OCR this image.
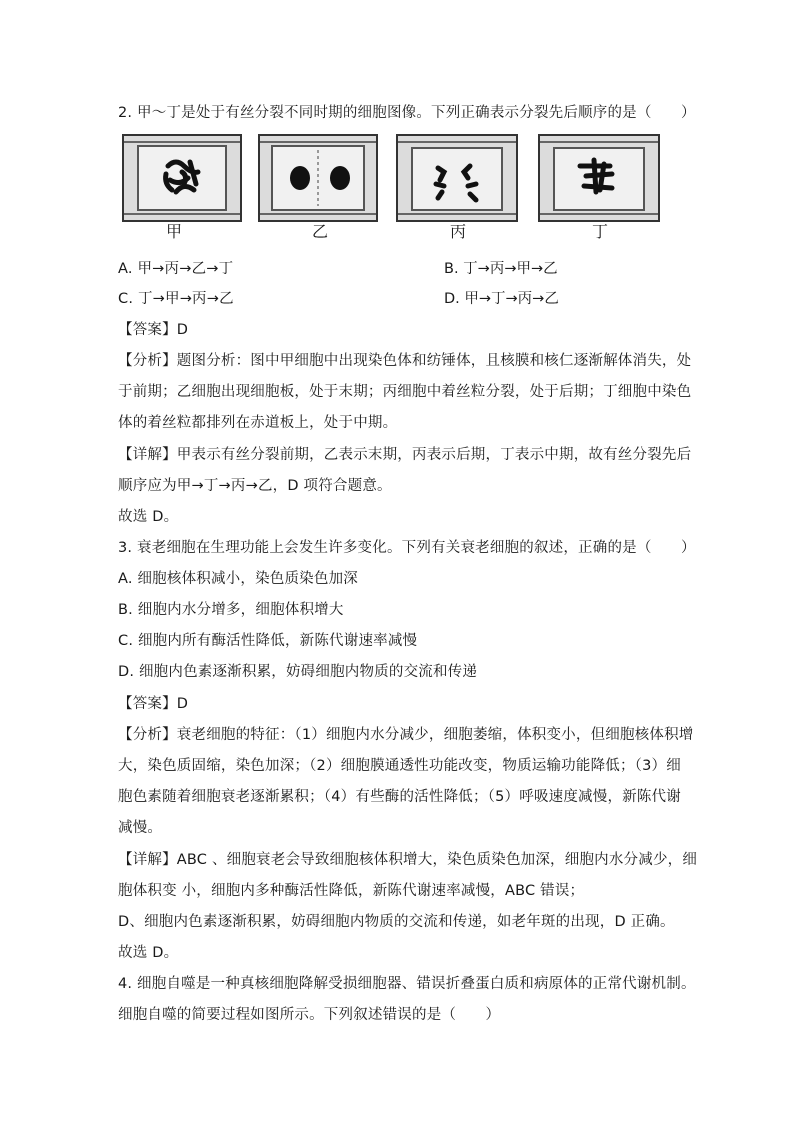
2. 甲～丁是处于有丝分裂不同时期的细胞图像。下列正确表示分裂先后顺序的是（　　）
甲	乙	丙	丁
A. 甲→丙→乙→丁	B. 丁→丙→甲→乙
C. 丁→甲→丙→乙	D. 甲→丁→丙→乙
【答案】D
【分析】题图分析：图中甲细胞中出现染色体和纺锤体，且核膜和核仁逐渐解体消失，处
于前期；乙细胞出现细胞板，处于末期；丙细胞中着丝粒分裂，处于后期；丁细胞中染色
体的着丝粒都排列在赤道板上，处于中期。
【详解】甲表示有丝分裂前期，乙表示末期，丙表示后期，丁表示中期，故有丝分裂先后
顺序应为甲→丁→丙→乙，D 项符合题意。
故选 D。
3. 衰老细胞在生理功能上会发生许多变化。下列有关衰老细胞的叙述，正确的是（　　）
A. 细胞核体积减小，染色质染色加深
B. 细胞内水分增多，细胞体积增大
C. 细胞内所有酶活性降低，新陈代谢速率减慢
D. 细胞内色素逐渐积累，妨碍细胞内物质的交流和传递
【答案】D
【分析】衰老细胞的特征：（1）细胞内水分减少，细胞萎缩，体积变小，但细胞核体积增
大，染色质固缩，染色加深；（2）细胞膜通透性功能改变，物质运输功能降低；（3）细
胞色素随着细胞衰老逐渐累积；（4）有些酶的活性降低；（5）呼吸速度减慢，新陈代谢
减慢。
【详解】ABC 、细胞衰老会导致细胞核体积增大，染色质染色加深，细胞内水分减少，细
胞体积变 小，细胞内多种酶活性降低，新陈代谢速率减慢，ABC 错误；
D、细胞内色素逐渐积累，妨碍细胞内物质的交流和传递，如老年斑的出现，D 正确。
故选 D。
4. 细胞自噬是一种真核细胞降解受损细胞器、错误折叠蛋白质和病原体的正常代谢机制。
细胞自噬的简要过程如图所示。下列叙述错误的是（　　）
